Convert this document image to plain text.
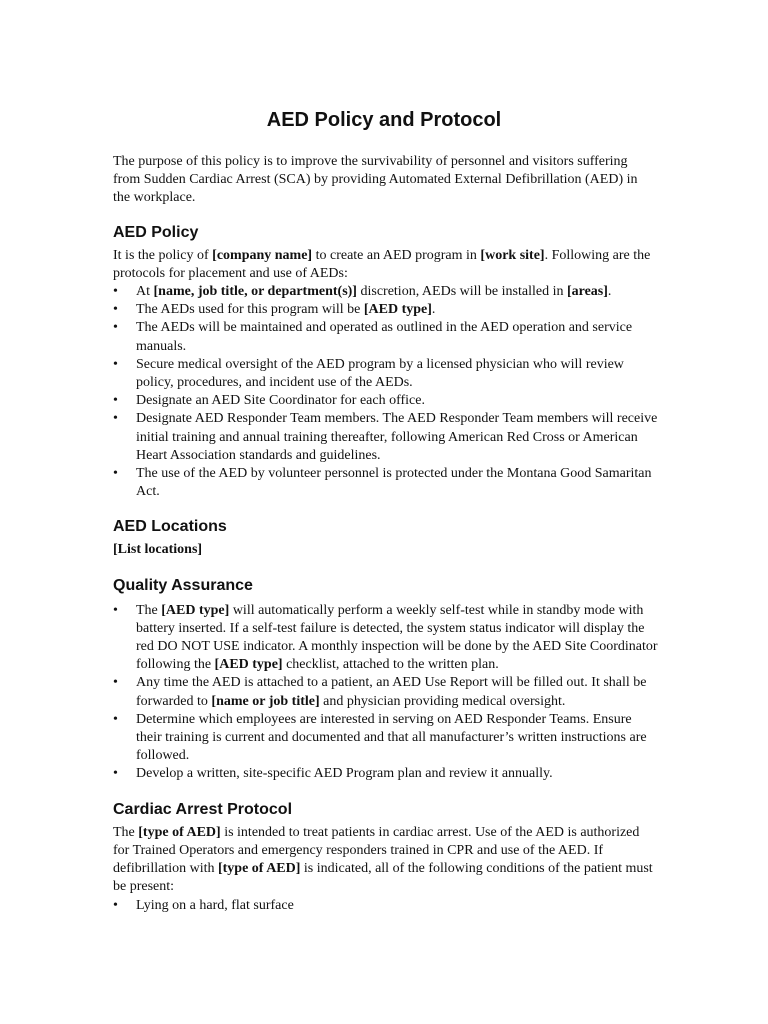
AED Policy and Protocol

The purpose of this policy is to improve the survivability of personnel and visitors suffering from Sudden Cardiac Arrest (SCA) by providing Automated External Defibrillation (AED) in the workplace.

AED Policy

It is the policy of [company name] to create an AED program in [work site]. Following are the protocols for placement and use of AEDs:

•	At [name, job title, or department(s)] discretion, AEDs will be installed in [areas].
•	The AEDs used for this program will be [AED type].
•	The AEDs will be maintained and operated as outlined in the AED operation and service manuals.
•	Secure medical oversight of the AED program by a licensed physician who will review policy, procedures, and incident use of the AEDs.
•	Designate an AED Site Coordinator for each office.
•	Designate AED Responder Team members. The AED Responder Team members will receive initial training and annual training thereafter, following American Red Cross or American Heart Association standards and guidelines.
•	The use of the AED by volunteer personnel is protected under the Montana Good Samaritan Act.
AED Locations

[List locations]

Quality Assurance
•	The [AED type] will automatically perform a weekly self-test while in standby mode with battery inserted. If a self-test failure is detected, the system status indicator will display the red DO NOT USE indicator. A monthly inspection will be done by the AED Site Coordinator following the [AED type] checklist, attached to the written plan.
•	Any time the AED is attached to a patient, an AED Use Report will be filled out. It shall be forwarded to [name or job title] and physician providing medical oversight.
•	Determine which employees are interested in serving on AED Responder Teams. Ensure their training is current and documented and that all manufacturer’s written instructions are followed.
•	Develop a written, site-specific AED Program plan and review it annually.
Cardiac Arrest Protocol

The [type of AED] is intended to treat patients in cardiac arrest. Use of the AED is authorized for Trained Operators and emergency responders trained in CPR and use of the AED. If defibrillation with [type of AED] is indicated, all of the following conditions of the patient must be present:

•	Lying on a hard, flat surface
